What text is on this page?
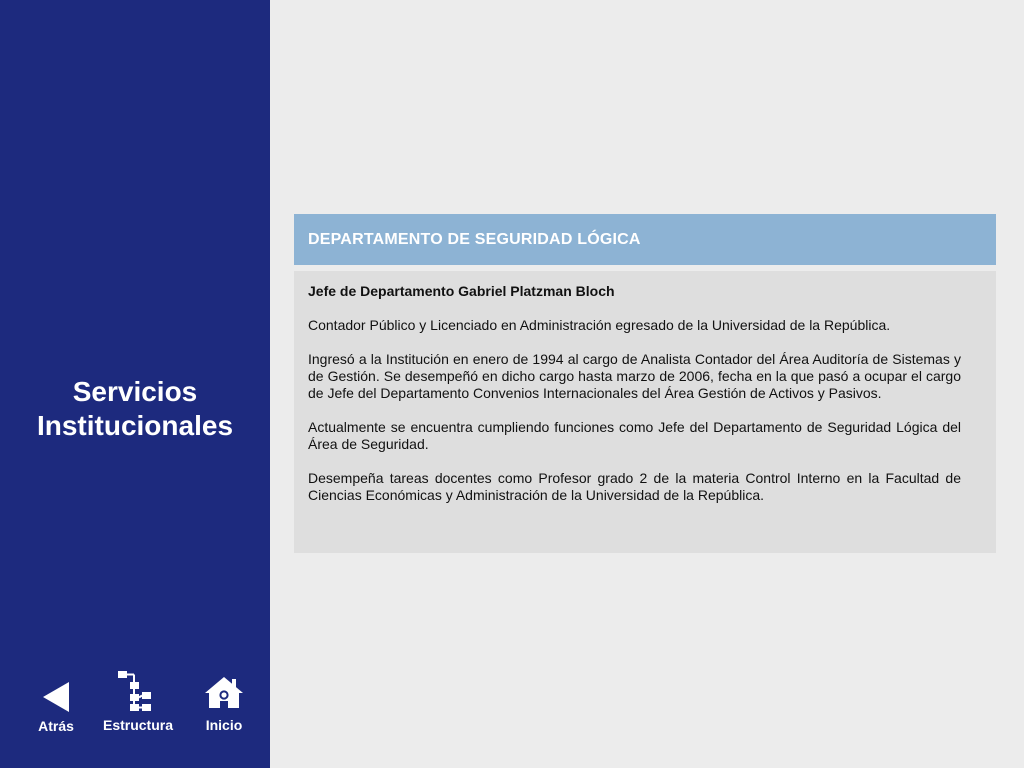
Servicios
Institucionales
Atrás	Estructura	Inicio
DEPARTAMENTO DE SEGURIDAD LÓGICA

Jefe de Departamento Gabriel Platzman Bloch

Contador Público y Licenciado en Administración egresado de la Universidad de la República.

Ingresó a la Institución en enero de 1994 al cargo de Analista Contador del Área Auditoría de Sistemas y de Gestión. Se desempeñó en dicho cargo hasta marzo de 2006, fecha en la que pasó a ocupar el cargo de Jefe del Departamento Convenios Internacionales del Área Gestión de Activos y Pasivos.

Actualmente se encuentra cumpliendo funciones como Jefe del Departamento de Seguridad Lógica del Área de Seguridad.

Desempeña tareas docentes como Profesor grado 2 de la materia Control Interno en la Facultad de Ciencias Económicas y Administración de la Universidad de la República.
